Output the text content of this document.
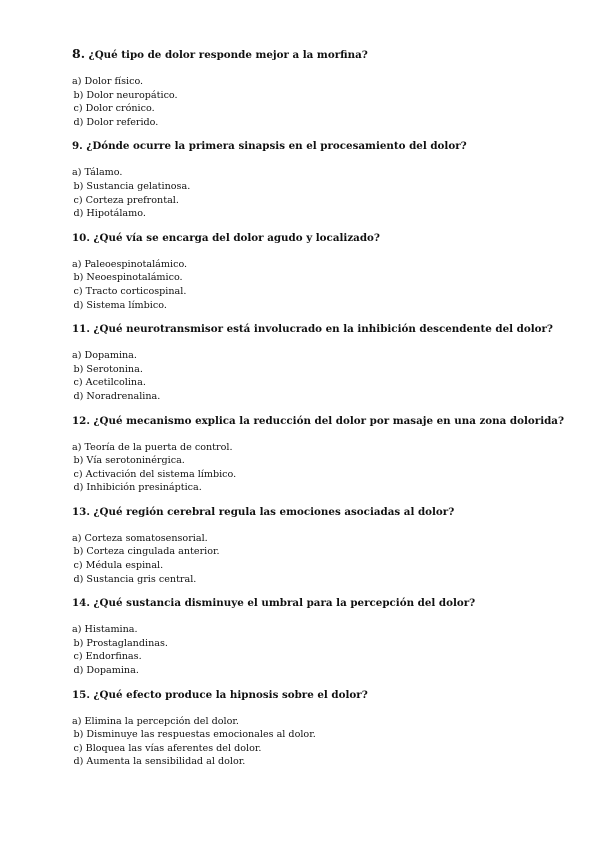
8. ¿Qué tipo de dolor responde mejor a la morfina?

a) Dolor físico.
b) Dolor neuropático.
c) Dolor crónico.
d) Dolor referido.

9. ¿Dónde ocurre la primera sinapsis en el procesamiento del dolor?

a) Tálamo.
b) Sustancia gelatinosa.
c) Corteza prefrontal.
d) Hipotálamo.

10. ¿Qué vía se encarga del dolor agudo y localizado?

a) Paleoespinotalámico.
b) Neoespinotalámico.
c) Tracto corticospinal.
d) Sistema límbico.

11. ¿Qué neurotransmisor está involucrado en la inhibición descendente del dolor?

a) Dopamina.
b) Serotonina.
c) Acetilcolina.
d) Noradrenalina.

12. ¿Qué mecanismo explica la reducción del dolor por masaje en una zona dolorida?

a) Teoría de la puerta de control.
b) Vía serotoninérgica.
c) Activación del sistema límbico.
d) Inhibición presináptica.

13. ¿Qué región cerebral regula las emociones asociadas al dolor?

a) Corteza somatosensorial.
b) Corteza cingulada anterior.
c) Médula espinal.
d) Sustancia gris central.

14. ¿Qué sustancia disminuye el umbral para la percepción del dolor?

a) Histamina.
b) Prostaglandinas.
c) Endorfinas.
d) Dopamina.

15. ¿Qué efecto produce la hipnosis sobre el dolor?

a) Elimina la percepción del dolor.
b) Disminuye las respuestas emocionales al dolor.
c) Bloquea las vías aferentes del dolor.
d) Aumenta la sensibilidad al dolor.
